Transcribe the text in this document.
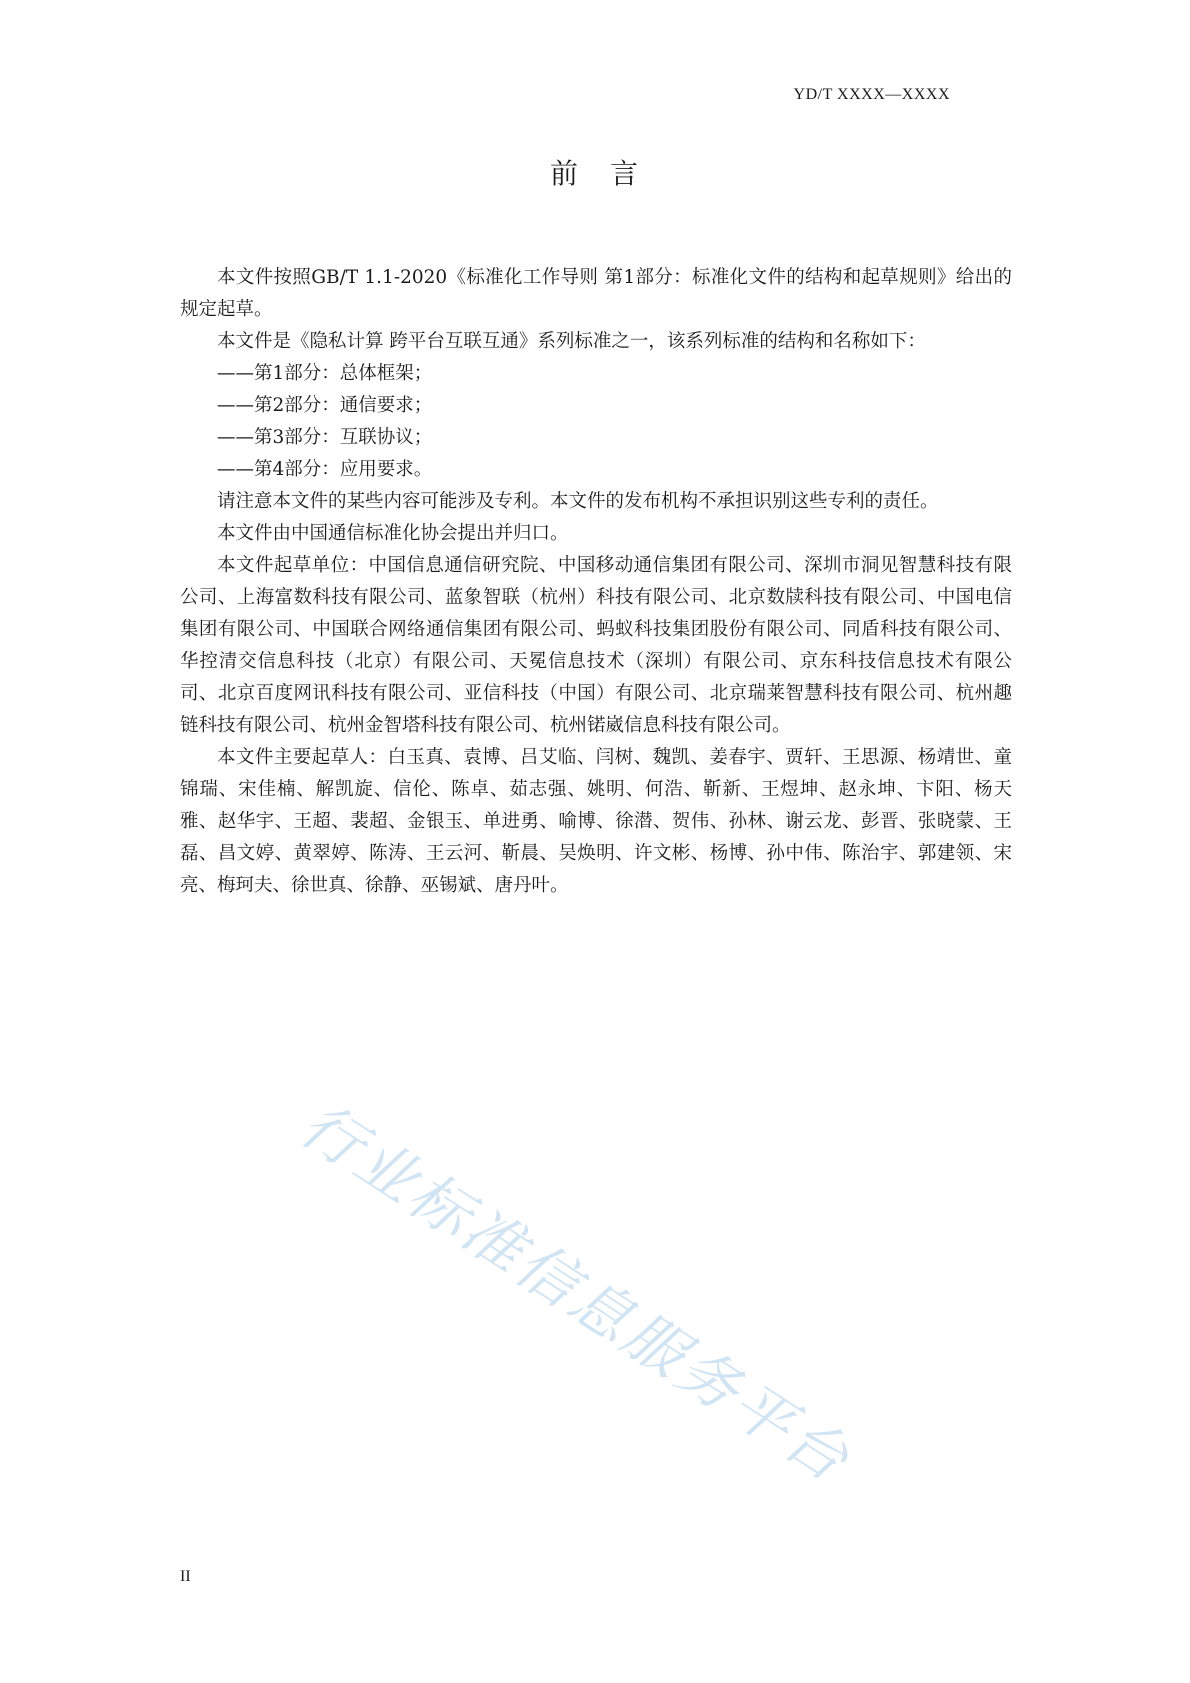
YD/T XXXX—XXXX
前　言

本文件按照GB/T 1.1-2020《标准化工作导则 第1部分：标准化文件的结构和起草规则》给出的规定起草。

本文件是《隐私计算 跨平台互联互通》系列标准之一，该系列标准的结构和名称如下：

——第1部分：总体框架；

——第2部分：通信要求；

——第3部分：互联协议；

——第4部分：应用要求。

请注意本文件的某些内容可能涉及专利。本文件的发布机构不承担识别这些专利的责任。

本文件由中国通信标准化协会提出并归口。

本文件起草单位：中国信息通信研究院、中国移动通信集团有限公司、深圳市洞见智慧科技有限公司、上海富数科技有限公司、蓝象智联（杭州）科技有限公司、北京数牍科技有限公司、中国电信集团有限公司、中国联合网络通信集团有限公司、蚂蚁科技集团股份有限公司、同盾科技有限公司、华控清交信息科技（北京）有限公司、天冕信息技术（深圳）有限公司、京东科技信息技术有限公司、北京百度网讯科技有限公司、亚信科技（中国）有限公司、北京瑞莱智慧科技有限公司、杭州趣链科技有限公司、杭州金智塔科技有限公司、杭州锘崴信息科技有限公司。

本文件主要起草人：白玉真、袁博、吕艾临、闫树、魏凯、姜春宇、贾轩、王思源、杨靖世、童锦瑞、宋佳楠、解凯旋、信伦、陈卓、茹志强、姚明、何浩、靳新、王煜坤、赵永坤、卞阳、杨天雅、赵华宇、王超、裴超、金银玉、单进勇、喻博、徐潜、贺伟、孙林、谢云龙、彭晋、张晓蒙、王磊、昌文婷、黄翠婷、陈涛、王云河、靳晨、吴焕明、许文彬、杨博、孙中伟、陈治宇、郭建领、宋亮、梅珂夫、徐世真、徐静、巫锡斌、唐丹叶。

行业标准信息服务平台
II
